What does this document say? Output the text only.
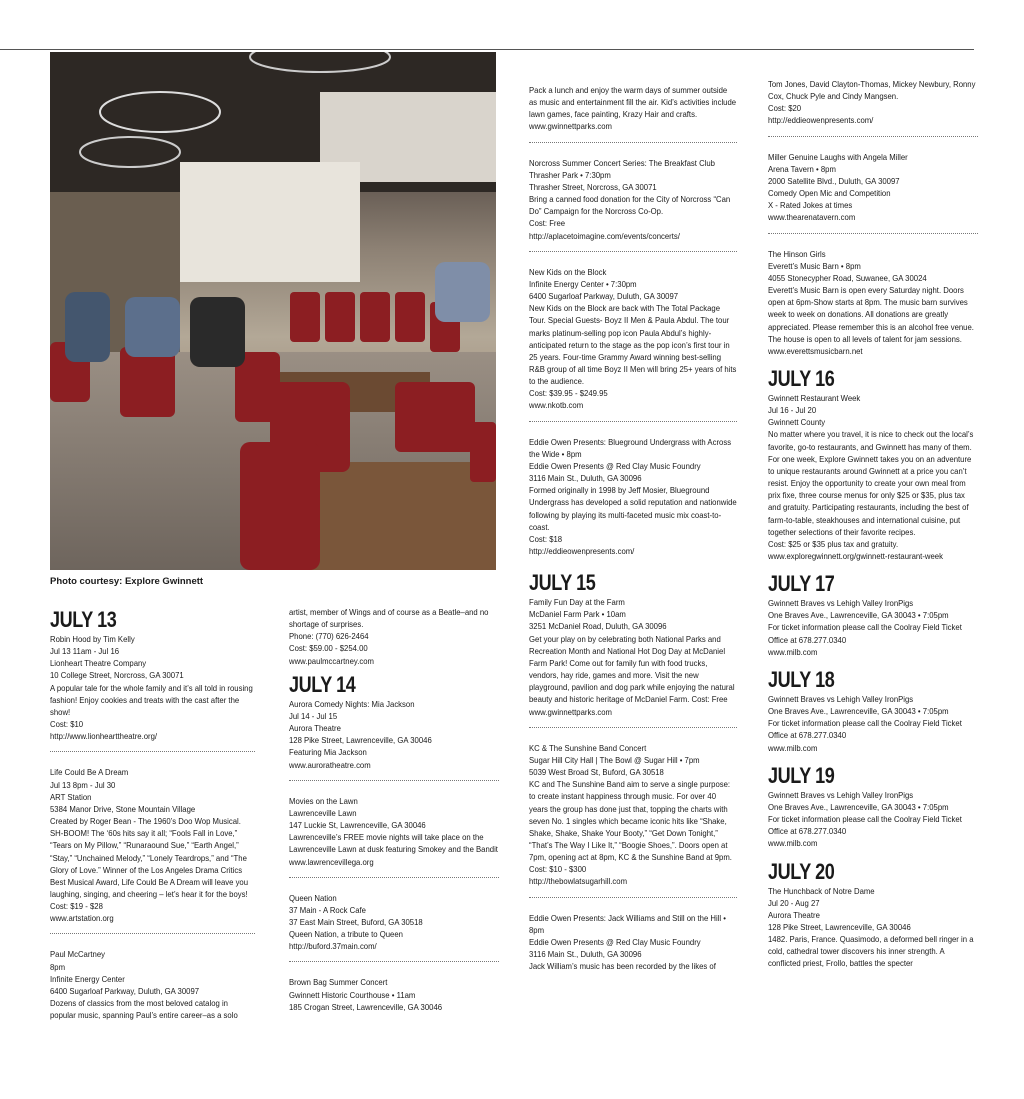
Photo courtesy: Explore Gwinnett
JULY 13
Robin Hood by Tim Kelly
Jul 13 11am - Jul 16
Lionheart Theatre Company
10 College Street, Norcross, GA 30071
A popular tale for the whole family and it’s all told in rousing fashion! Enjoy cookies and treats with the cast after the show!
Cost: $10
http://www.lionhearttheatre.org/
Life Could Be A Dream
Jul 13 8pm - Jul 30
ART Station
5384 Manor Drive, Stone Mountain Village
Created by Roger Bean - The 1960’s Doo Wop Musical. SH-BOOM! The ‘60s hits say it all; “Fools Fall in Love,” “Tears on My Pillow,” “Runaraound Sue,” “Earth Angel,” “Stay,” “Unchained Melody,” “Lonely Teardrops,” and “The Glory of Love.” Winner of the Los Angeles Drama Critics Best Musical Award, Life Could Be A Dream will leave you laughing, singing, and cheering – let’s hear it for the boys!
Cost: $19 - $28
www.artstation.org
Paul McCartney
8pm
Infinite Energy Center
6400 Sugarloaf Parkway, Duluth, GA 30097
Dozens of classics from the most beloved catalog in popular music, spanning Paul’s entire career–as a solo
artist, member of Wings and of course as a Beatle–and no shortage of surprises.
Phone: (770) 626-2464
Cost: $59.00 - $254.00
www.paulmccartney.com
JULY 14
Aurora Comedy Nights: Mia Jackson
Jul 14 - Jul 15
Aurora Theatre
128 Pike Street, Lawrenceville, GA 30046
Featuring Mia Jackson
www.auroratheatre.com
Movies on the Lawn
Lawrenceville Lawn
147 Luckie St, Lawrenceville, GA 30046
Lawrenceville’s FREE movie nights will take place on the Lawrenceville Lawn at dusk featuring Smokey and the Bandit
www.lawrencevillega.org
Queen Nation
37 Main - A Rock Cafe
37 East Main Street, Buford, GA 30518
Queen Nation, a tribute to Queen
http://buford.37main.com/
Brown Bag Summer Concert
Gwinnett Historic Courthouse • 11am
185 Crogan Street, Lawrenceville, GA 30046
Pack a lunch and enjoy the warm days of summer outside as music and entertainment fill the air. Kid’s activities include lawn games, face painting, Krazy Hair and crafts.
www.gwinnettparks.com
Norcross Summer Concert Series: The Breakfast Club
Thrasher Park • 7:30pm
Thrasher Street, Norcross, GA 30071
Bring a canned food donation for the City of Norcross “Can Do” Campaign for the Norcross Co-Op.
Cost: Free
http://aplacetoimagine.com/events/concerts/
New Kids on the Block
Infinite Energy Center • 7:30pm
6400 Sugarloaf Parkway, Duluth, GA 30097
New Kids on the Block are back with The Total Package Tour. Special Guests- Boyz II Men & Paula Abdul. The tour marks platinum-selling pop icon Paula Abdul’s highly-anticipated return to the stage as the pop icon’s first tour in 25 years. Four-time Grammy Award winning best-selling R&B group of all time Boyz II Men will bring 25+ years of hits to the audience.
Cost: $39.95 - $249.95
www.nkotb.com
Eddie Owen Presents: Blueground Undergrass with Across the Wide • 8pm
Eddie Owen Presents @ Red Clay Music Foundry
3116 Main St., Duluth, GA 30096
Formed originally in 1998 by Jeff Mosier, Blueground Undergrass has developed a solid reputation and nationwide following by playing its multi-faceted music mix coast-to-coast.
Cost: $18
http://eddieowenpresents.com/
JULY 15
Family Fun Day at the Farm
McDaniel Farm Park • 10am
3251 McDaniel Road, Duluth, GA 30096
Get your play on by celebrating both National Parks and Recreation Month and National Hot Dog Day at McDaniel Farm Park! Come out for family fun with food trucks, vendors, hay ride, games and more. Visit the new playground, pavilion and dog park while enjoying the natural beauty and historic heritage of McDaniel Farm. Cost: Free
www.gwinnettparks.com
KC & The Sunshine Band Concert
Sugar Hill City Hall | The Bowl @ Sugar Hill • 7pm
5039 West Broad St, Buford, GA 30518
KC and The Sunshine Band aim to serve a single purpose: to create instant happiness through music. For over 40 years the group has done just that, topping the charts with seven No. 1 singles which became iconic hits like “Shake, Shake, Shake, Shake Your Booty,” “Get Down Tonight,” “That’s The Way I Like It,” “Boogie Shoes,”. Doors open at 7pm, opening act at 8pm, KC & the Sunshine Band at 9pm.
Cost: $10 - $300
http://thebowlatsugarhill.com
Eddie Owen Presents: Jack Williams and Still on the Hill • 8pm
Eddie Owen Presents @ Red Clay Music Foundry
3116 Main St., Duluth, GA 30096
Jack William’s music has been recorded by the likes of
Tom Jones, David Clayton-Thomas, Mickey Newbury, Ronny Cox, Chuck Pyle and Cindy Mangsen.
Cost: $20
http://eddieowenpresents.com/
Miller Genuine Laughs with Angela Miller
Arena Tavern • 8pm
2000 Satellite Blvd., Duluth, GA 30097
Comedy Open Mic and Competition
X - Rated Jokes at times
www.thearenatavern.com
The Hinson Girls
Everett’s Music Barn • 8pm
4055 Stonecypher Road, Suwanee, GA 30024
Everett’s Music Barn is open every Saturday night. Doors open at 6pm-Show starts at 8pm. The music barn survives week to week on donations. All donations are greatly appreciated. Please remember this is an alcohol free venue. The house is open to all levels of talent for jam sessions.
www.everettsmusicbarn.net
JULY 16
Gwinnett Restaurant Week
Jul 16 - Jul 20
Gwinnett County
No matter where you travel, it is nice to check out the local’s favorite, go-to restaurants, and Gwinnett has many of them. For one week, Explore Gwinnett takes you on an adventure to unique restaurants around Gwinnett at a price you can’t resist. Enjoy the opportunity to create your own meal from prix fixe, three course menus for only $25 or $35, plus tax and gratuity. Participating restaurants, including the best of farm-to-table, steakhouses and international cuisine, put together selections of their favorite recipes.
Cost: $25 or $35 plus tax and gratuity.
www.exploregwinnett.org/gwinnett-restaurant-week
JULY 17
Gwinnett Braves vs Lehigh Valley IronPigs
One Braves Ave., Lawrenceville, GA 30043 • 7:05pm
For ticket information please call the Coolray Field Ticket Office at 678.277.0340
www.milb.com
JULY 18
Gwinnett Braves vs Lehigh Valley IronPigs
One Braves Ave., Lawrenceville, GA 30043 • 7:05pm
For ticket information please call the Coolray Field Ticket Office at 678.277.0340
www.milb.com
JULY 19
Gwinnett Braves vs Lehigh Valley IronPigs
One Braves Ave., Lawrenceville, GA 30043 • 7:05pm
For ticket information please call the Coolray Field Ticket Office at 678.277.0340
www.milb.com
JULY 20
The Hunchback of Notre Dame
Jul 20 - Aug 27
Aurora Theatre
128 Pike Street, Lawrenceville, GA 30046
1482. Paris, France. Quasimodo, a deformed bell ringer in a cold, cathedral tower discovers his inner strength. A conflicted priest, Frollo, battles the specter
